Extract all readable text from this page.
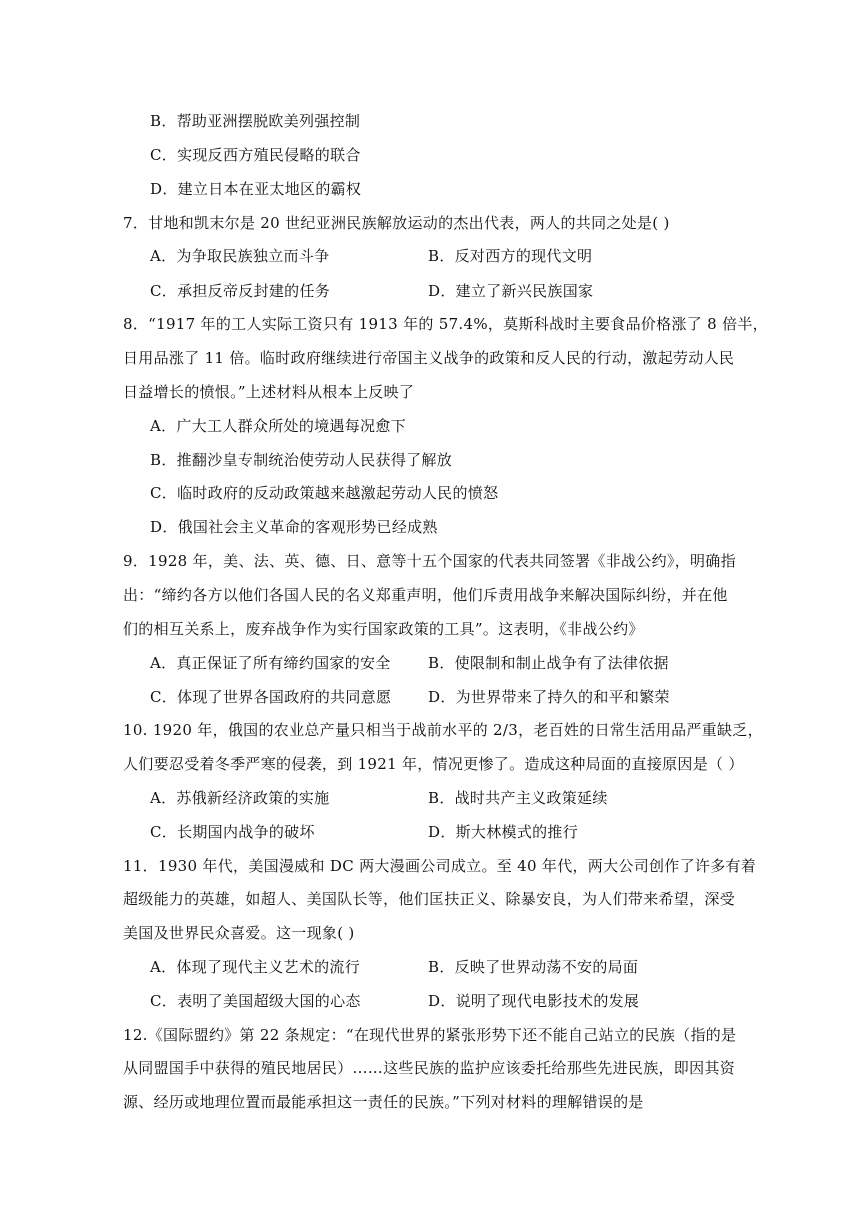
B．帮助亚洲摆脱欧美列强控制
C．实现反西方殖民侵略的联合
D．建立日本在亚太地区的霸权
7．甘地和凯末尔是 20 世纪亚洲民族解放运动的杰出代表，两人的共同之处是( )
A．为争取民族独立而斗争	B．反对西方的现代文明
C．承担反帝反封建的任务	D．建立了新兴民族国家
8．“1917 年的工人实际工资只有 1913 年的 57.4%，莫斯科战时主要食品价格涨了 8 倍半，
日用品涨了 11 倍。临时政府继续进行帝国主义战争的政策和反人民的行动，激起劳动人民
日益增长的愤恨。”上述材料从根本上反映了
A．广大工人群众所处的境遇每况愈下
B．推翻沙皇专制统治使劳动人民获得了解放
C．临时政府的反动政策越来越激起劳动人民的愤怒
D．俄国社会主义革命的客观形势已经成熟
9．1928 年，美、法、英、德、日、意等十五个国家的代表共同签署《非战公约》，明确指
出：“缔约各方以他们各国人民的名义郑重声明，他们斥责用战争来解决国际纠纷，并在他
们的相互关系上，废弃战争作为实行国家政策的工具”。这表明，《非战公约》
A．真正保证了所有缔约国家的安全 B．使限制和制止战争有了法律依据
C．体现了世界各国政府的共同意愿 D．为世界带来了持久的和平和繁荣
10. 1920 年，俄国的农业总产量只相当于战前水平的 2/3，老百姓的日常生活用品严重缺乏，
人们要忍受着冬季严寒的侵袭，到 1921 年，情况更惨了。造成这种局面的直接原因是（ ）
A．苏俄新经济政策的实施	B．战时共产主义政策延续
C．长期国内战争的破坏	D．斯大林模式的推行
11．1930 年代，美国漫威和 DC 两大漫画公司成立。至 40 年代，两大公司创作了许多有着
超级能力的英雄，如超人、美国队长等，他们匡扶正义、除暴安良，为人们带来希望，深受
美国及世界民众喜爱。这一现象( )
A．体现了现代主义艺术的流行	B．反映了世界动荡不安的局面
C．表明了美国超级大国的心态	D．说明了现代电影技术的发展
12.《国际盟约》第 22 条规定：“在现代世界的紧张形势下还不能自己站立的民族（指的是
从同盟国手中获得的殖民地居民）……这些民族的监护应该委托给那些先进民族，即因其资
源、经历或地理位置而最能承担这一责任的民族。”下列对材料的理解错误的是
